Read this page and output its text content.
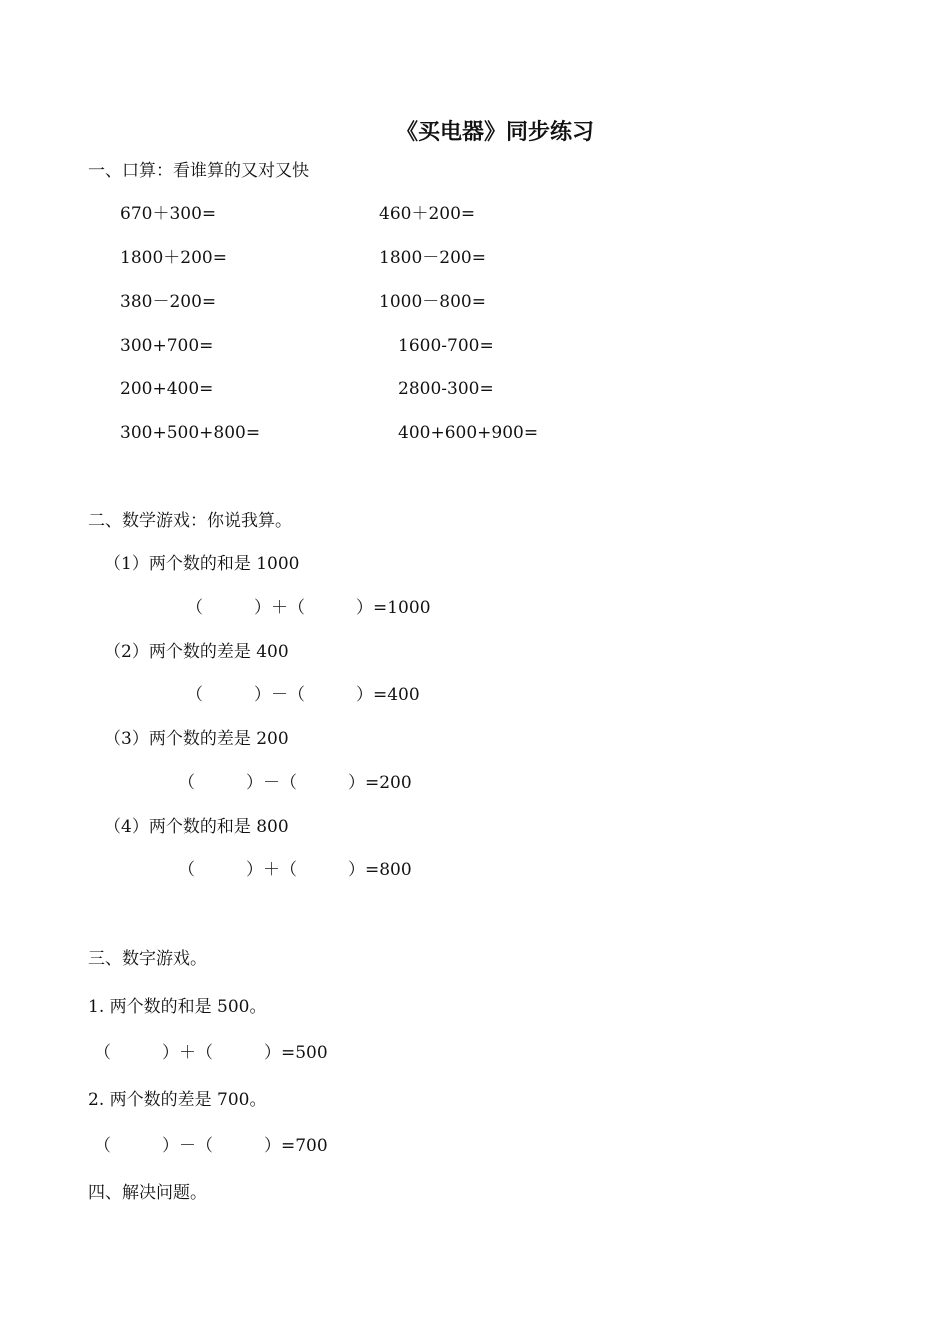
《买电器》同步练习
一、口算：看谁算的又对又快
670＋300=
1800＋200=
380－200=
300+700=
200+400=
300+500+800=
460＋200=
1800－200=
1000－800=
1600-700=
2800-300=
400+600+900=
二、数学游戏：你说我算。
（1）两个数的和是 1000
（　　　）＋（　　　）=1000
（2）两个数的差是 400
（　　　）－（　　　）=400
（3）两个数的差是 200
（　　　）－（　　　）=200
（4）两个数的和是 800
（　　　）＋（　　　）=800
三、数字游戏。
1. 两个数的和是 500。
（　　　）＋（　　　）=500
2. 两个数的差是 700。
（　　　）－（　　　）=700
四、解决问题。
